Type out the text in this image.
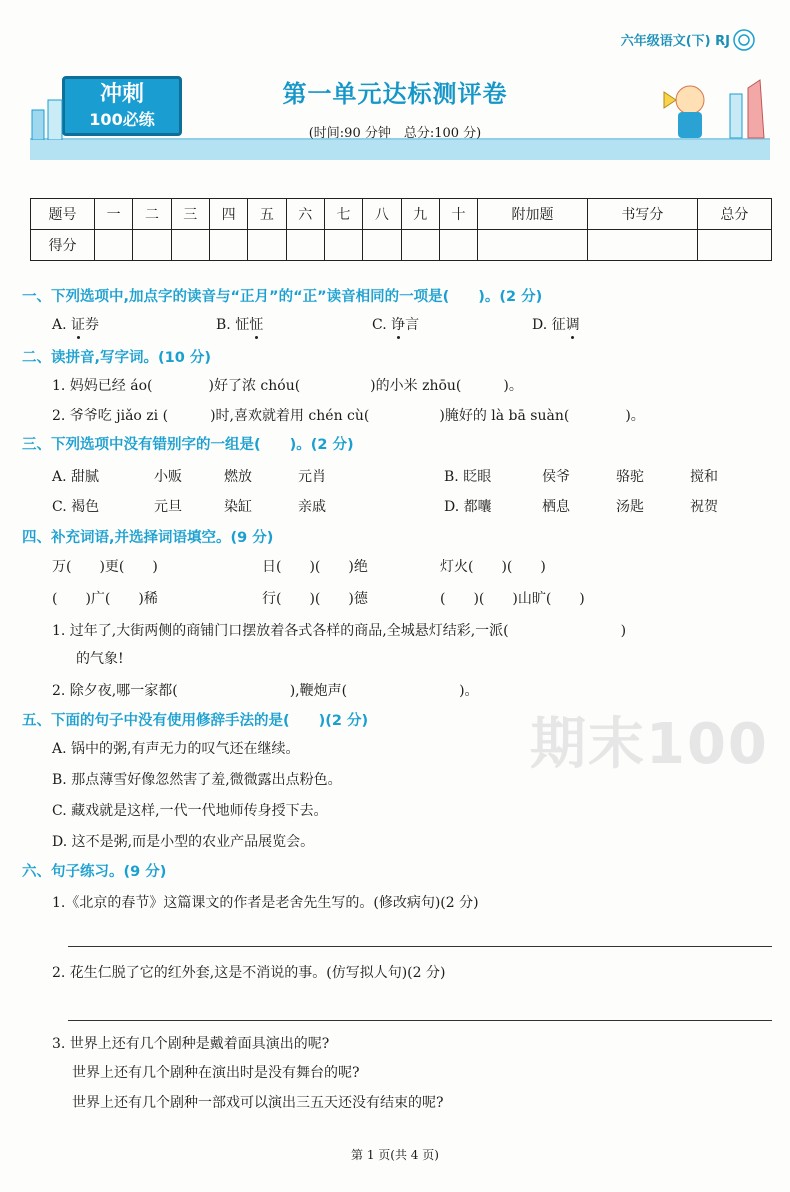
六年级语文(下) RJ
冲刺
100必练
第一单元达标测评卷
(时间:90 分钟　总分:100 分)
题号	一	二	三	四	五	六	七	八	九	十	附加题	书写分	总分
得分													
期末100
一、下列选项中,加点字的读音与“正月”的“正”读音相同的一项是(　　)。(2 分)
A. 证券	B. 怔怔	C. 诤言	D. 征调
二、读拼音,写字词。(10 分)
1. 妈妈已经 áo(　　　　)好了浓 chóu(　　　　　)的小米 zhōu(　　　)。
2. 爷爷吃 jiǎo zi (　　　)时,喜欢就着用 chén cù(　　　　　)腌好的 là bā suàn(　　　　)。
三、下列选项中没有错别字的一组是(　　)。(2 分)
A. 甜腻	小贩	燃放	元肖	B. 眨眼	侯爷	骆驼	搅和
C. 褐色	元旦	染缸	亲戚	D. 都囔	栖息	汤匙	祝贺
四、补充词语,并选择词语填空。(9 分)
万(　　)更(　　)	日(　　)(　　)绝	灯火(　　)(　　)
(　　)广(　　)稀	行(　　)(　　)德	(　　)(　　)山旷(　　)
1. 过年了,大街两侧的商铺门口摆放着各式各样的商品,全城悬灯结彩,一派(　　　　　　　　)
的气象!
2. 除夕夜,哪一家都(　　　　　　　　),鞭炮声(　　　　　　　　)。
五、下面的句子中没有使用修辞手法的是(　　)(2 分)
A. 锅中的粥,有声无力的叹气还在继续。
B. 那点薄雪好像忽然害了羞,微微露出点粉色。
C. 藏戏就是这样,一代一代地师传身授下去。
D. 这不是粥,而是小型的农业产品展览会。
六、句子练习。(9 分)
1.《北京的春节》这篇课文的作者是老舍先生写的。(修改病句)(2 分)
2. 花生仁脱了它的红外套,这是不消说的事。(仿写拟人句)(2 分)
3. 世界上还有几个剧种是戴着面具演出的呢?
世界上还有几个剧种在演出时是没有舞台的呢?
世界上还有几个剧种一部戏可以演出三五天还没有结束的呢?
第 1 页(共 4 页)
